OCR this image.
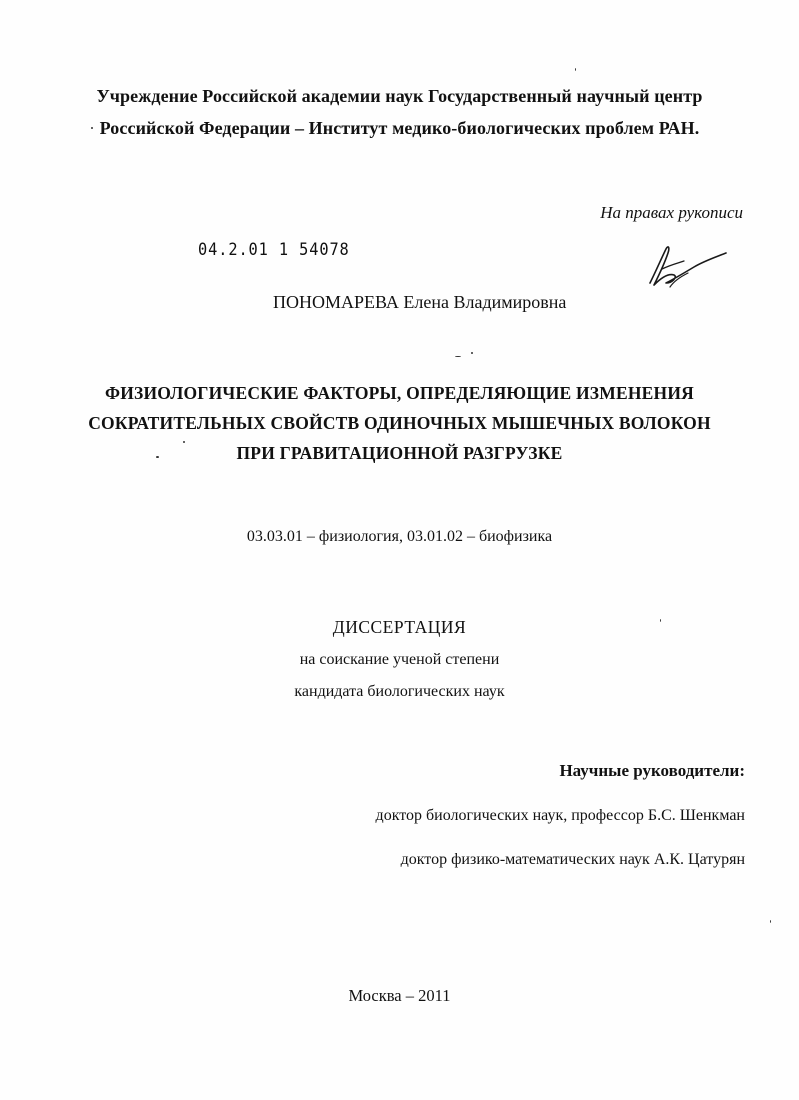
Учреждение Российской академии наук Государственный научный центр
Российской Федерации – Институт медико-биологических проблем РАН.
На правах рукописи
04.2.01 1 54078
ПОНОМАРЕВА Елена Владимировна
ФИЗИОЛОГИЧЕСКИЕ ФАКТОРЫ, ОПРЕДЕЛЯЮЩИЕ ИЗМЕНЕНИЯ
СОКРАТИТЕЛЬНЫХ СВОЙСТВ ОДИНОЧНЫХ МЫШЕЧНЫХ ВОЛОКОН
ПРИ ГРАВИТАЦИОННОЙ РАЗГРУЗКЕ
03.03.01 – физиология, 03.01.02 – биофизика
ДИССЕРТАЦИЯ
на соискание ученой степени
кандидата биологических наук
Научные руководители:
доктор биологических наук, профессор Б.С. Шенкман
доктор физико-математических наук А.К. Цатурян
Москва – 2011
